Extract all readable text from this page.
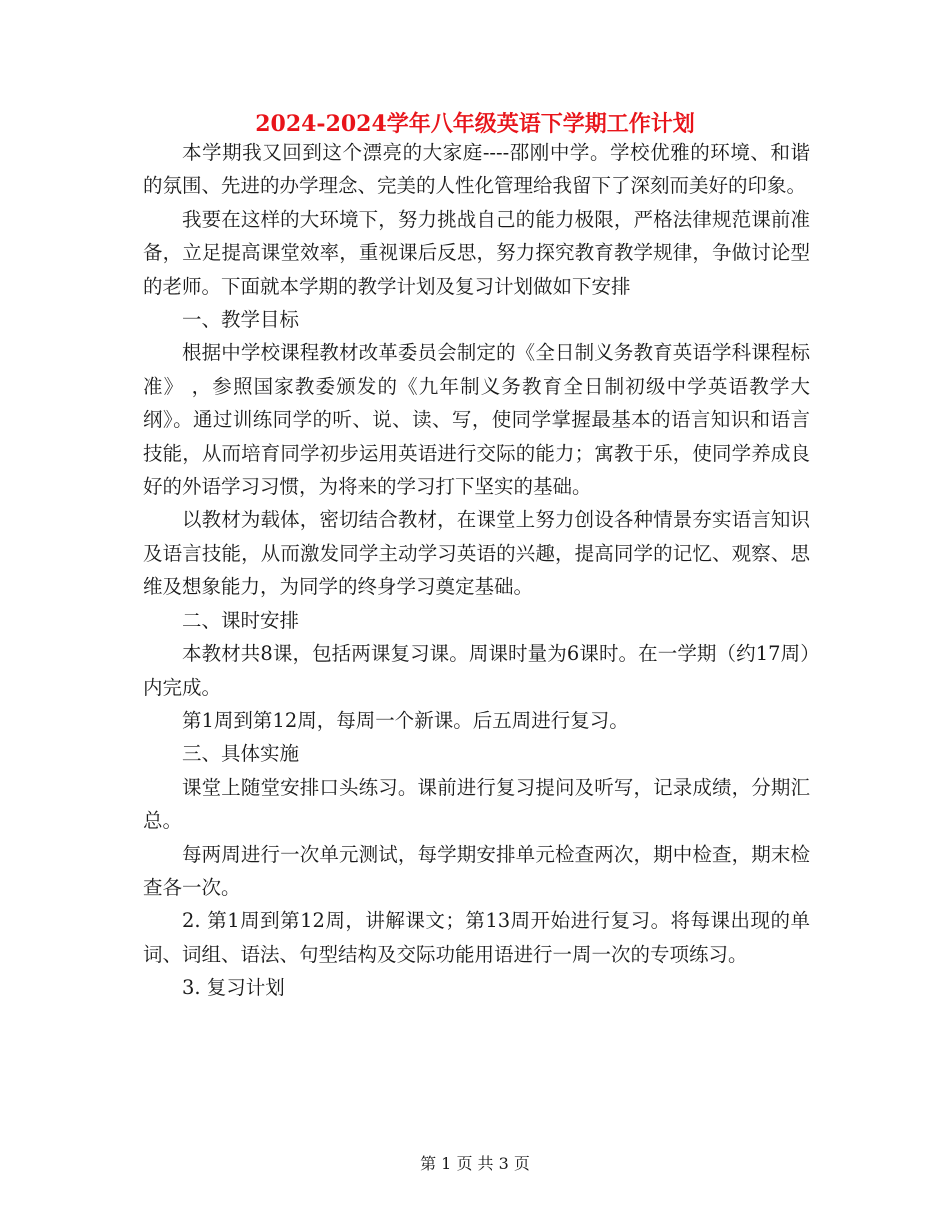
2024-2024学年八年级英语下学期工作计划

本学期我又回到这个漂亮的大家庭----邵刚中学。学校优雅的环境、和谐的氛围、先进的办学理念、完美的人性化管理给我留下了深刻而美好的印象。

我要在这样的大环境下，努力挑战自己的能力极限，严格法律规范课前准备，立足提高课堂效率，重视课后反思，努力探究教育教学规律，争做讨论型的老师。下面就本学期的教学计划及复习计划做如下安排

一、教学目标

根据中学校课程教材改革委员会制定的《全日制义务教育英语学科课程标准》 ，参照国家教委颁发的《九年制义务教育全日制初级中学英语教学大纲》。通过训练同学的听、说、读、写，使同学掌握最基本的语言知识和语言技能，从而培育同学初步运用英语进行交际的能力；寓教于乐，使同学养成良好的外语学习习惯，为将来的学习打下坚实的基础。

以教材为载体，密切结合教材，在课堂上努力创设各种情景夯实语言知识及语言技能，从而激发同学主动学习英语的兴趣，提高同学的记忆、观察、思维及想象能力，为同学的终身学习奠定基础。

二、课时安排

本教材共8课，包括两课复习课。周课时量为6课时。在一学期（约17周）内完成。

第1周到第12周，每周一个新课。后五周进行复习。

三、具体实施

课堂上随堂安排口头练习。课前进行复习提问及听写，记录成绩，分期汇总。

每两周进行一次单元测试，每学期安排单元检查两次，期中检查，期末检查各一次。

2. 第1周到第12周，讲解课文；第13周开始进行复习。将每课出现的单词、词组、语法、句型结构及交际功能用语进行一周一次的专项练习。

3. 复习计划

第 1 页 共 3 页
